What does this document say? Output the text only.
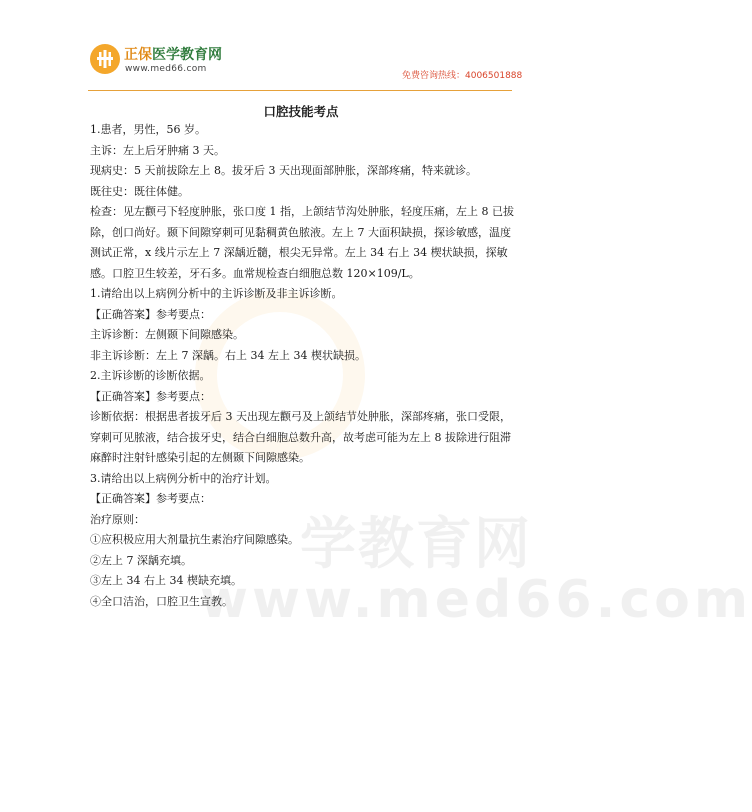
正保医学教育网
www.med66.com
免费咨询热线：4006501888
学教育网
www.med66.com
口腔技能考点

1.患者，男性，56 岁。

主诉：左上后牙肿痛 3 天。

现病史：5 天前拔除左上 8。拔牙后 3 天出现面部肿胀，深部疼痛，特来就诊。

既往史：既往体健。

检查：见左颧弓下轻度肿胀，张口度 1 指，上颌结节沟处肿胀，轻度压痛，左上 8 已拔除，创口尚好。颞下间隙穿刺可见黏稠黄色脓液。左上 7 大面积缺损，探诊敏感，温度测试正常，x 线片示左上 7 深龋近髓，根尖无异常。左上 34 右上 34 楔状缺损，探敏感。口腔卫生较差，牙石多。血常规检查白细胞总数 120×109/L。

1.请给出以上病例分析中的主诉诊断及非主诉诊断。

【正确答案】参考要点：

主诉诊断：左侧颞下间隙感染。

非主诉诊断：左上 7 深龋。右上 34 左上 34 楔状缺损。

2.主诉诊断的诊断依据。

【正确答案】参考要点：

诊断依据：根据患者拔牙后 3 天出现左颧弓及上颌结节处肿胀，深部疼痛，张口受限，穿刺可见脓液，结合拔牙史，结合白细胞总数升高，故考虑可能为左上 8 拔除进行阻滞麻醉时注射针感染引起的左侧颞下间隙感染。

3.请给出以上病例分析中的治疗计划。

【正确答案】参考要点：

治疗原则：

①应积极应用大剂量抗生素治疗间隙感染。

②左上 7 深龋充填。

③左上 34 右上 34 楔缺充填。

④全口洁治，口腔卫生宣教。
